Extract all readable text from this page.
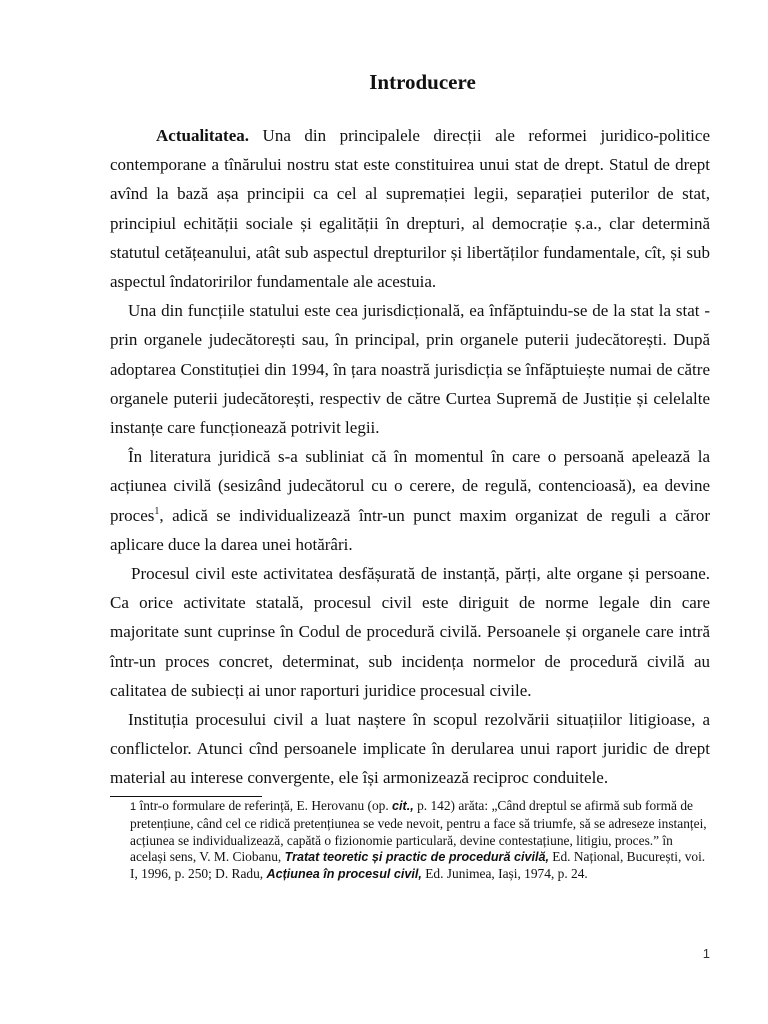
Introducere

Actualitatea. Una din principalele direcții ale reformei juridico-politice contemporane a tînărului nostru stat este constituirea unui stat de drept. Statul de drept avînd la bază așa principii ca cel al supremației legii, separației puterilor de stat, principiul echității sociale și egalității în drepturi, al democrație ș.a., clar determină statutul cetățeanului, atât sub aspectul drepturilor și libertăților fundamentale, cît, și sub aspectul îndatoririlor fundamentale ale acestuia.

Una din funcțiile statului este cea jurisdicțională, ea înfăptuindu-se de la stat la stat - prin organele judecătorești sau, în principal, prin organele puterii judecătorești. După adoptarea Constituției din 1994, în țara noastră jurisdicția se înfăptuiește numai de către organele puterii judecătorești, respectiv de către Curtea Supremă de Justiție și celelalte instanțe care funcționează potrivit legii.

În literatura juridică s-a subliniat că în momentul în care o persoană apelează la acțiunea civilă (sesizând judecătorul cu o cerere, de regulă, contencioasă), ea devine proces$^1$, adică se individualizează într-un punct maxim organizat de reguli a căror aplicare duce la darea unei hotărâri.

Procesul civil este activitatea desfășurată de instanță, părți, alte organe și persoane. Ca orice activitate statală, procesul civil este diriguit de norme legale din care majoritate sunt cuprinse în Codul de procedură civilă. Persoanele și organele care intră într-un proces concret, determinat, sub incidența normelor de procedură civilă au calitatea de subiecți ai unor raporturi juridice procesual civile.

Instituția procesului civil a luat naștere în scopul rezolvării situațiilor litigioase, a conflictelor. Atunci cînd persoanele implicate în derularea unui raport juridic de drept material au interese convergente, ele își armonizează reciproc conduitele.

1 într-o formulare de referință, E. Herovanu (op. cit., p. 142) arăta: „Când dreptul se afirmă sub formă de pretențiune, când cel ce ridică pretențiunea se vede nevoit, pentru a face să triumfe, să se adreseze instanței, acțiunea se individualizează, capătă o fizionomie particulară, devine contestațiune, litigiu, proces.” în același sens, V. M. Ciobanu, Tratat teoretic și practic de procedură civilă, Ed. Național, București, voi. I, 1996, p. 250; D. Radu, Acțiunea în procesul civil, Ed. Junimea, Iași, 1974, p. 24.

1
